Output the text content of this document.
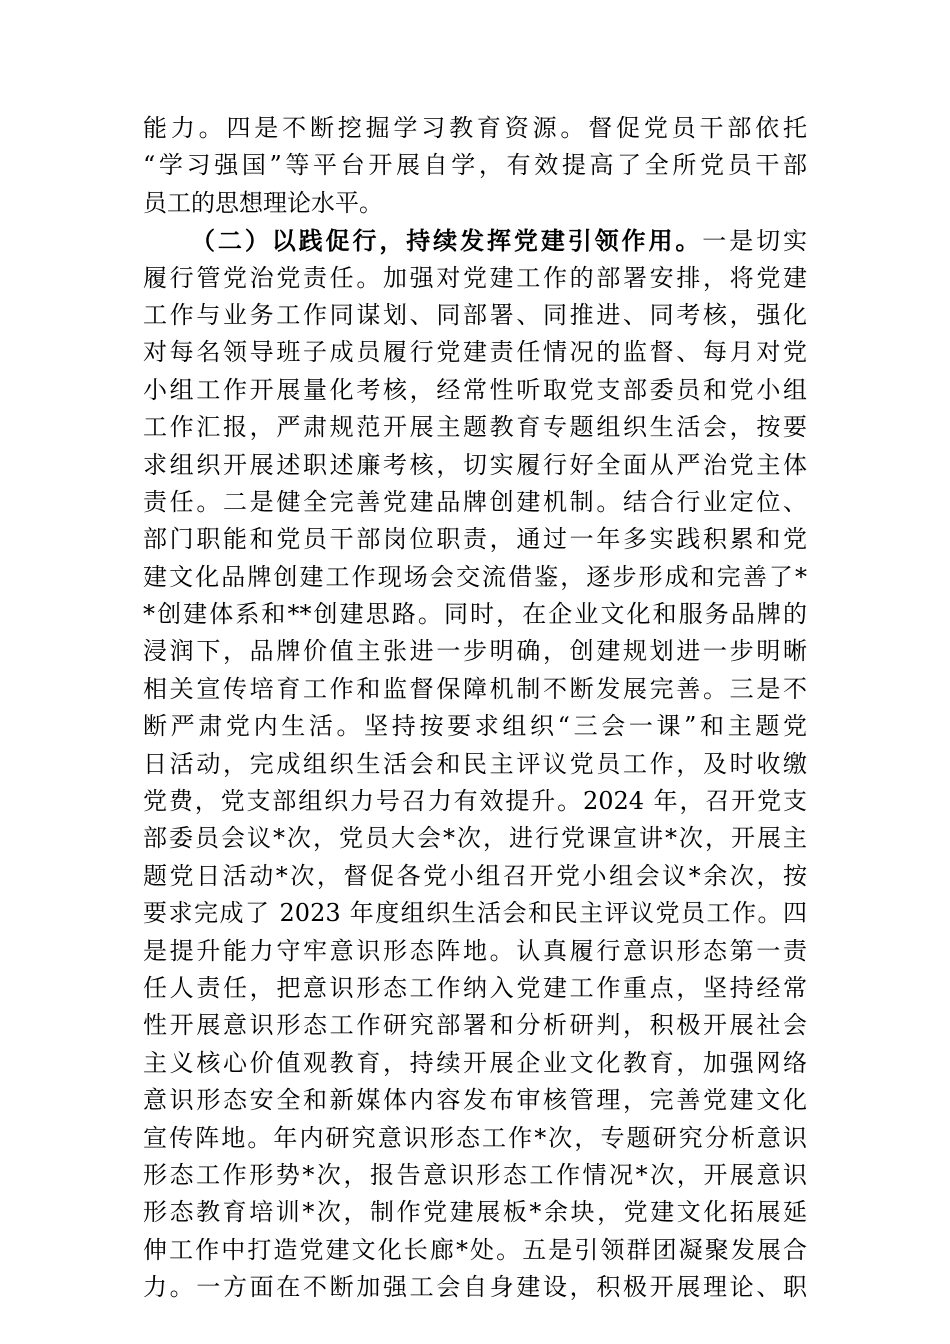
能力。四是不断挖掘学习教育资源。督促党员干部依托
“学习强国”等平台开展自学，有效提高了全所党员干部
员工的思想理论水平。
（二）以践促行，持续发挥党建引领作用。一是切实
履行管党治党责任。加强对党建工作的部署安排，将党建
工作与业务工作同谋划、同部署、同推进、同考核，强化
对每名领导班子成员履行党建责任情况的监督、每月对党
小组工作开展量化考核，经常性听取党支部委员和党小组
工作汇报，严肃规范开展主题教育专题组织生活会，按要
求组织开展述职述廉考核，切实履行好全面从严治党主体
责任。二是健全完善党建品牌创建机制。结合行业定位、
部门职能和党员干部岗位职责，通过一年多实践积累和党
建文化品牌创建工作现场会交流借鉴，逐步形成和完善了*
*创建体系和**创建思路。同时，在企业文化和服务品牌的
浸润下，品牌价值主张进一步明确，创建规划进一步明晰
相关宣传培育工作和监督保障机制不断发展完善。三是不
断严肃党内生活。坚持按要求组织“三会一课”和主题党
日活动，完成组织生活会和民主评议党员工作，及时收缴
党费，党支部组织力号召力有效提升。2024 年，召开党支
部委员会议*次，党员大会*次，进行党课宣讲*次，开展主
题党日活动*次，督促各党小组召开党小组会议*余次，按
要求完成了 2023 年度组织生活会和民主评议党员工作。四
是提升能力守牢意识形态阵地。认真履行意识形态第一责
任人责任，把意识形态工作纳入党建工作重点，坚持经常
性开展意识形态工作研究部署和分析研判，积极开展社会
主义核心价值观教育，持续开展企业文化教育，加强网络
意识形态安全和新媒体内容发布审核管理，完善党建文化
宣传阵地。年内研究意识形态工作*次，专题研究分析意识
形态工作形势*次，报告意识形态工作情况*次，开展意识
形态教育培训*次，制作党建展板*余块，党建文化拓展延
伸工作中打造党建文化长廊*处。五是引领群团凝聚发展合
力。一方面在不断加强工会自身建设，积极开展理论、职
